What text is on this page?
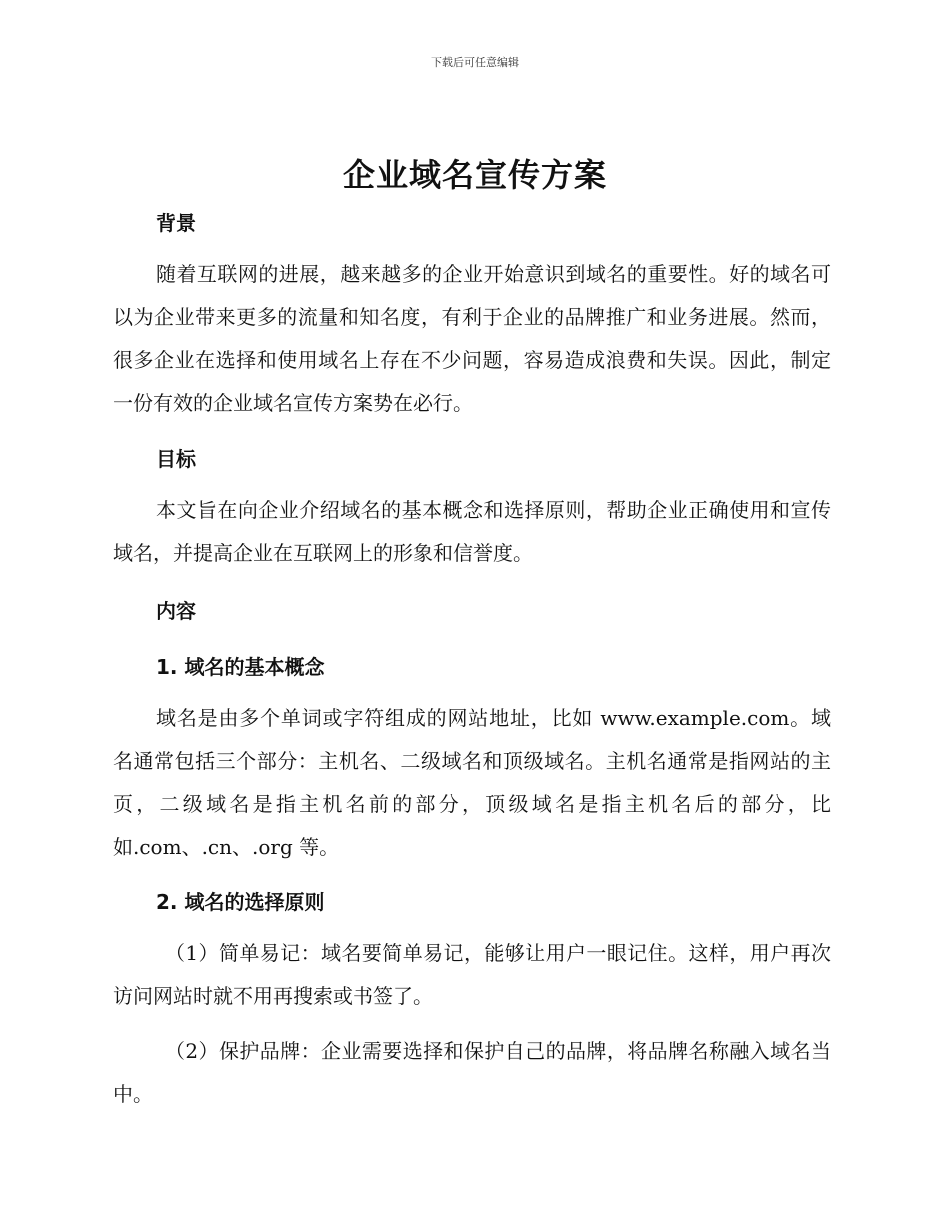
下载后可任意编辑
企业域名宣传方案
背景
随着互联网的进展，越来越多的企业开始意识到域名的重要性。好的域名可以为企业带来更多的流量和知名度，有利于企业的品牌推广和业务进展。然而，很多企业在选择和使用域名上存在不少问题，容易造成浪费和失误。因此，制定一份有效的企业域名宣传方案势在必行。
目标
本文旨在向企业介绍域名的基本概念和选择原则，帮助企业正确使用和宣传域名，并提高企业在互联网上的形象和信誉度。
内容
1. 域名的基本概念
域名是由多个单词或字符组成的网站地址，比如 www.example.com。域名通常包括三个部分：主机名、二级域名和顶级域名。主机名通常是指网站的主页，二级域名是指主机名前的部分，顶级域名是指主机名后的部分，比如.com、.cn、.org 等。
2. 域名的选择原则
（1）简单易记：域名要简单易记，能够让用户一眼记住。这样，用户再次访问网站时就不用再搜索或书签了。
（2）保护品牌：企业需要选择和保护自己的品牌，将品牌名称融入域名当中。
